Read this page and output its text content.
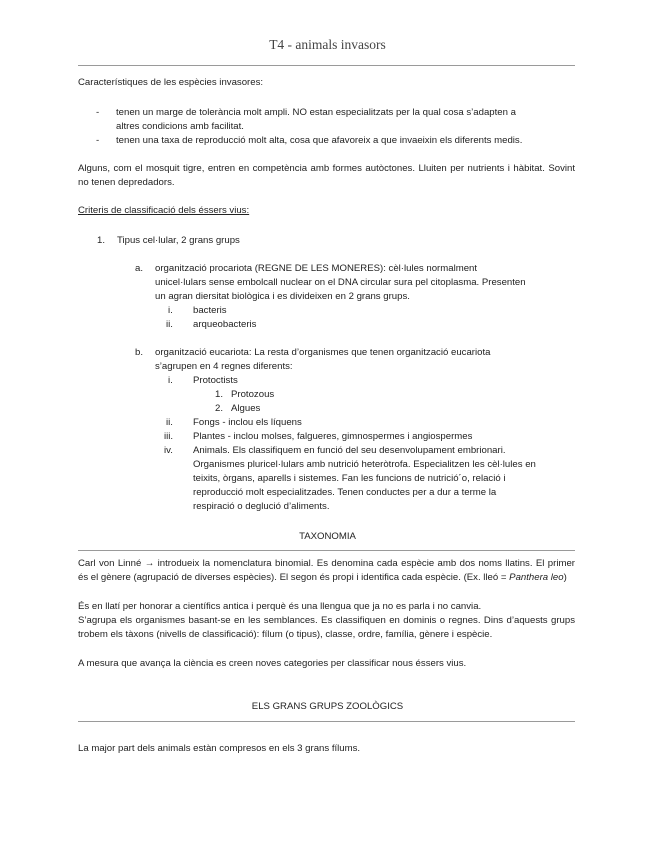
T4 - animals invasors
Característiques de les espècies invasores:
- tenen un marge de tolerància molt ampli. NO estan especialitzats per la qual cosa s’adapten a
altres condicions amb facilitat.
- tenen una taxa de reproducció molt alta, cosa que afavoreix a que invaeixin els diferents medis.
Alguns, com el mosquit tigre, entren en competència amb formes autòctones. Lluiten per nutrients i hàbitat. Sovint no tenen depredadors.
Criteris de classificació dels éssers vius:
1. Tipus cel·lular, 2 grans grups
a. organització procariota (REGNE DE LES MONERES): cèl·lules normalment
unicel·lulars sense embolcall nuclear on el DNA circular sura pel citoplasma. Presenten
un agran diersitat biològica i es divideixen en 2 grans grups.
i. bacteris
ii. arqueobacteris
b. organització eucariota: La resta d’organismes que tenen organització eucariota
s’agrupen en 4 regnes diferents:
i. Protoctists
1. Protozous
2. Algues
ii. Fongs - inclou els líquens
iii. Plantes - inclou molses, falgueres, gimnospermes i angiospermes
iv. Animals. Els classifiquem en funció del seu desenvolupament embrionari.
Organismes pluricel·lulars amb nutrició heteròtrofa. Especialitzen les cèl·lules en
teixits, òrgans, aparells i sistemes. Fan les funcions de nutrició´o, relació i
reproducció molt especialitzades. Tenen conductes per a dur a terme la
respiració o deglució d’aliments.
TAXONOMIA
Carl von Linné → introdueix la nomenclatura binomial. Es denomina cada espècie amb dos noms llatins. El primer és el gènere (agrupació de diverses espècies). El segon és propi i identifica cada espècie. (Ex. lleó = Panthera leo)
És en llatí per honorar a científics antica i perquè és una llengua que ja no es parla i no canvia.
S’agrupa els organismes basant-se en les semblances. Es classifiquen en dominis o regnes. Dins d’aquests grups trobem els tàxons (nivells de classificació): fílum (o tipus), classe, ordre, família, gènere i espècie.
A mesura que avança la ciència es creen noves categories per classificar nous éssers vius.
ELS GRANS GRUPS ZOOLÒGICS
La major part dels animals estàn compresos en els 3 grans fílums.
